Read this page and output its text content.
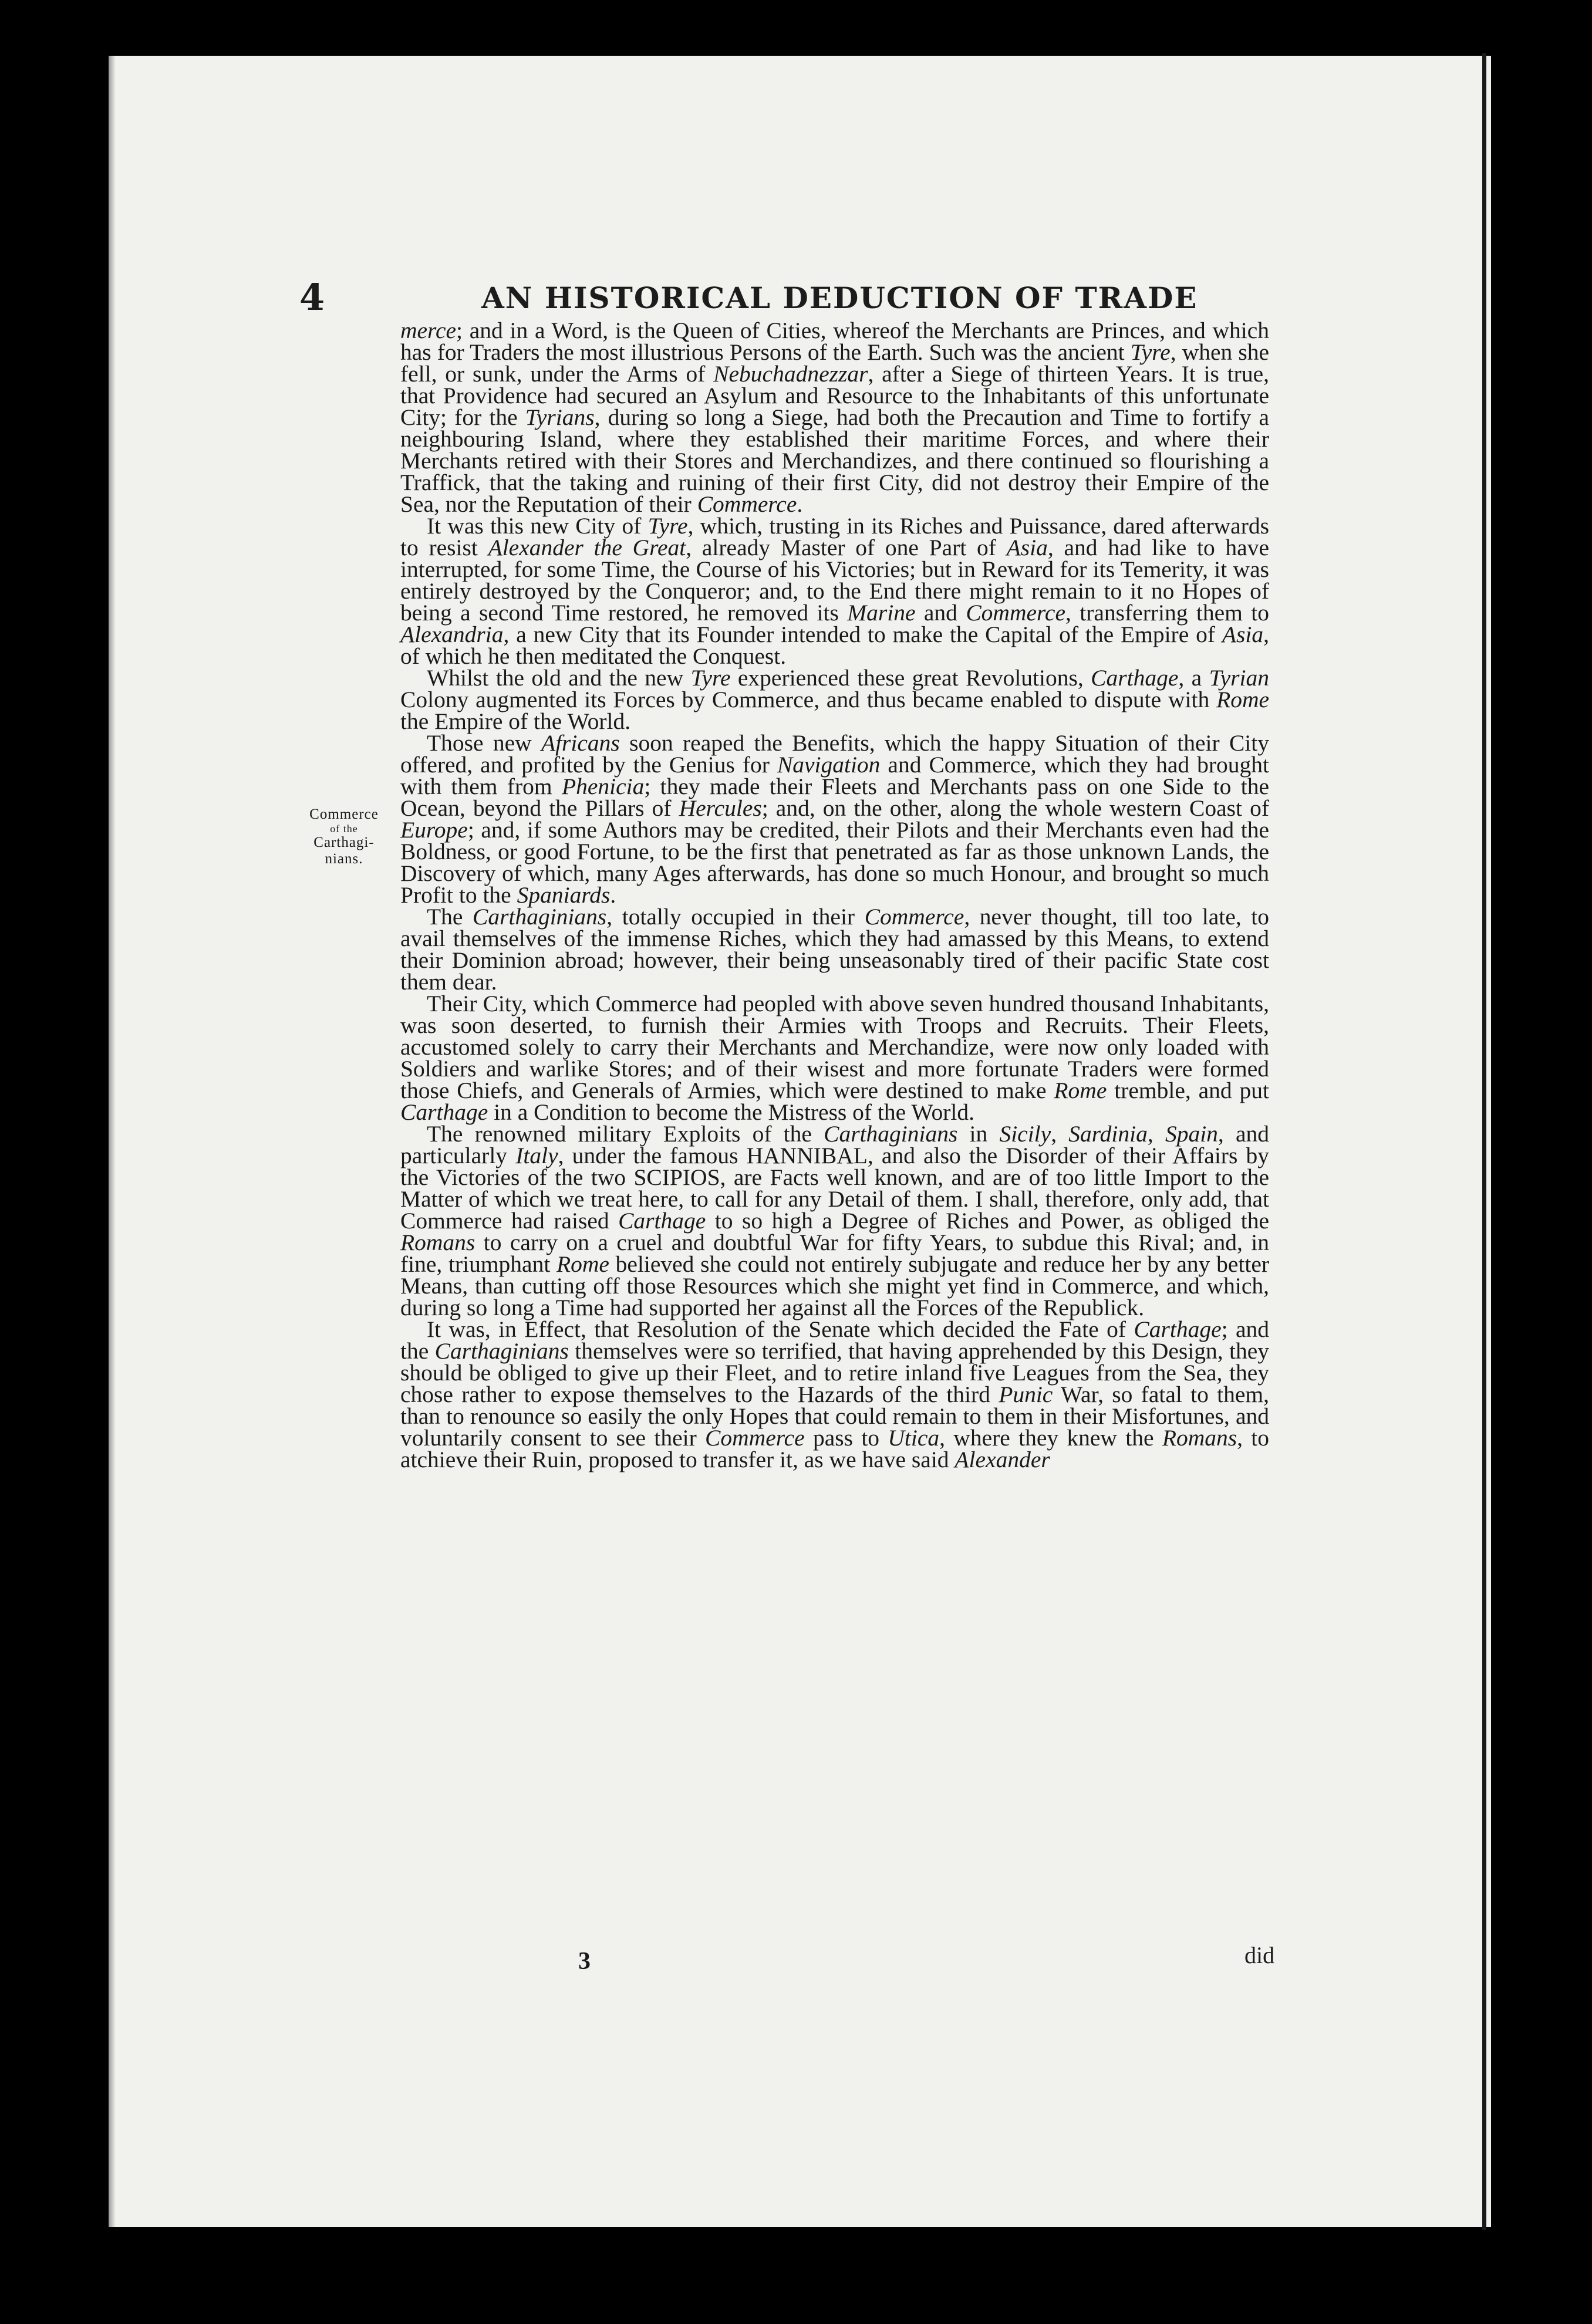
4	AN HISTORICAL DEDUCTION OF TRADE

Commerce
of the
Carthagi-
nians.

merce; and in a Word, is the Queen of Cities, whereof the Merchants are Princes, and which has for Traders the most illustrious Persons of the Earth. Such was the ancient Tyre, when she fell, or sunk, under the Arms of Nebuchadnezzar, after a Siege of thirteen Years. It is true, that Providence had secured an Asylum and Resource to the Inhabitants of this unfortunate City; for the Tyrians, during so long a Siege, had both the Precaution and Time to fortify a neighbouring Island, where they established their maritime Forces, and where their Merchants retired with their Stores and Merchandizes, and there continued so flourishing a Traffick, that the taking and ruining of their first City, did not destroy their Empire of the Sea, nor the Reputation of their Commerce.

It was this new City of Tyre, which, trusting in its Riches and Puissance, dared afterwards to resist Alexander the Great, already Master of one Part of Asia, and had like to have interrupted, for some Time, the Course of his Victories; but in Reward for its Temerity, it was entirely destroyed by the Conqueror; and, to the End there might remain to it no Hopes of being a second Time restored, he removed its Marine and Commerce, transferring them to Alexandria, a new City that its Founder intended to make the Capital of the Empire of Asia, of which he then meditated the Conquest.

Whilst the old and the new Tyre experienced these great Revolutions, Carthage, a Tyrian Colony augmented its Forces by Commerce, and thus became enabled to dispute with Rome the Empire of the World.

Those new Africans soon reaped the Benefits, which the happy Situation of their City offered, and profited by the Genius for Navigation and Commerce, which they had brought with them from Phenicia; they made their Fleets and Merchants pass on one Side to the Ocean, beyond the Pillars of Hercules; and, on the other, along the whole western Coast of Europe; and, if some Authors may be credited, their Pilots and their Merchants even had the Boldness, or good Fortune, to be the first that penetrated as far as those unknown Lands, the Discovery of which, many Ages afterwards, has done so much Honour, and brought so much Profit to the Spaniards.

The Carthaginians, totally occupied in their Commerce, never thought, till too late, to avail themselves of the immense Riches, which they had amassed by this Means, to extend their Dominion abroad; however, their being unseasonably tired of their pacific State cost them dear.

Their City, which Commerce had peopled with above seven hundred thousand Inhabitants, was soon deserted, to furnish their Armies with Troops and Recruits. Their Fleets, accustomed solely to carry their Merchants and Merchandize, were now only loaded with Soldiers and warlike Stores; and of their wisest and more fortunate Traders were formed those Chiefs, and Generals of Armies, which were destined to make Rome tremble, and put Carthage in a Condition to become the Mistress of the World.

The renowned military Exploits of the Carthaginians in Sicily, Sardinia, Spain, and particularly Italy, under the famous HANNIBAL, and also the Disorder of their Affairs by the Victories of the two SCIPIOS, are Facts well known, and are of too little Import to the Matter of which we treat here, to call for any Detail of them. I shall, therefore, only add, that Commerce had raised Carthage to so high a Degree of Riches and Power, as obliged the Romans to carry on a cruel and doubtful War for fifty Years, to subdue this Rival; and, in fine, triumphant Rome believed she could not entirely subjugate and reduce her by any better Means, than cutting off those Resources which she might yet find in Commerce, and which, during so long a Time had supported her against all the Forces of the Republick.

It was, in Effect, that Resolution of the Senate which decided the Fate of Carthage; and the Carthaginians themselves were so terrified, that having apprehended by this Design, they should be obliged to give up their Fleet, and to retire inland five Leagues from the Sea, they chose rather to expose themselves to the Hazards of the third Punic War, so fatal to them, than to renounce so easily the only Hopes that could remain to them in their Misfortunes, and voluntarily consent to see their Commerce pass to Utica, where they knew the Romans, to atchieve their Ruin, proposed to transfer it, as we have said Alexander

3	did
